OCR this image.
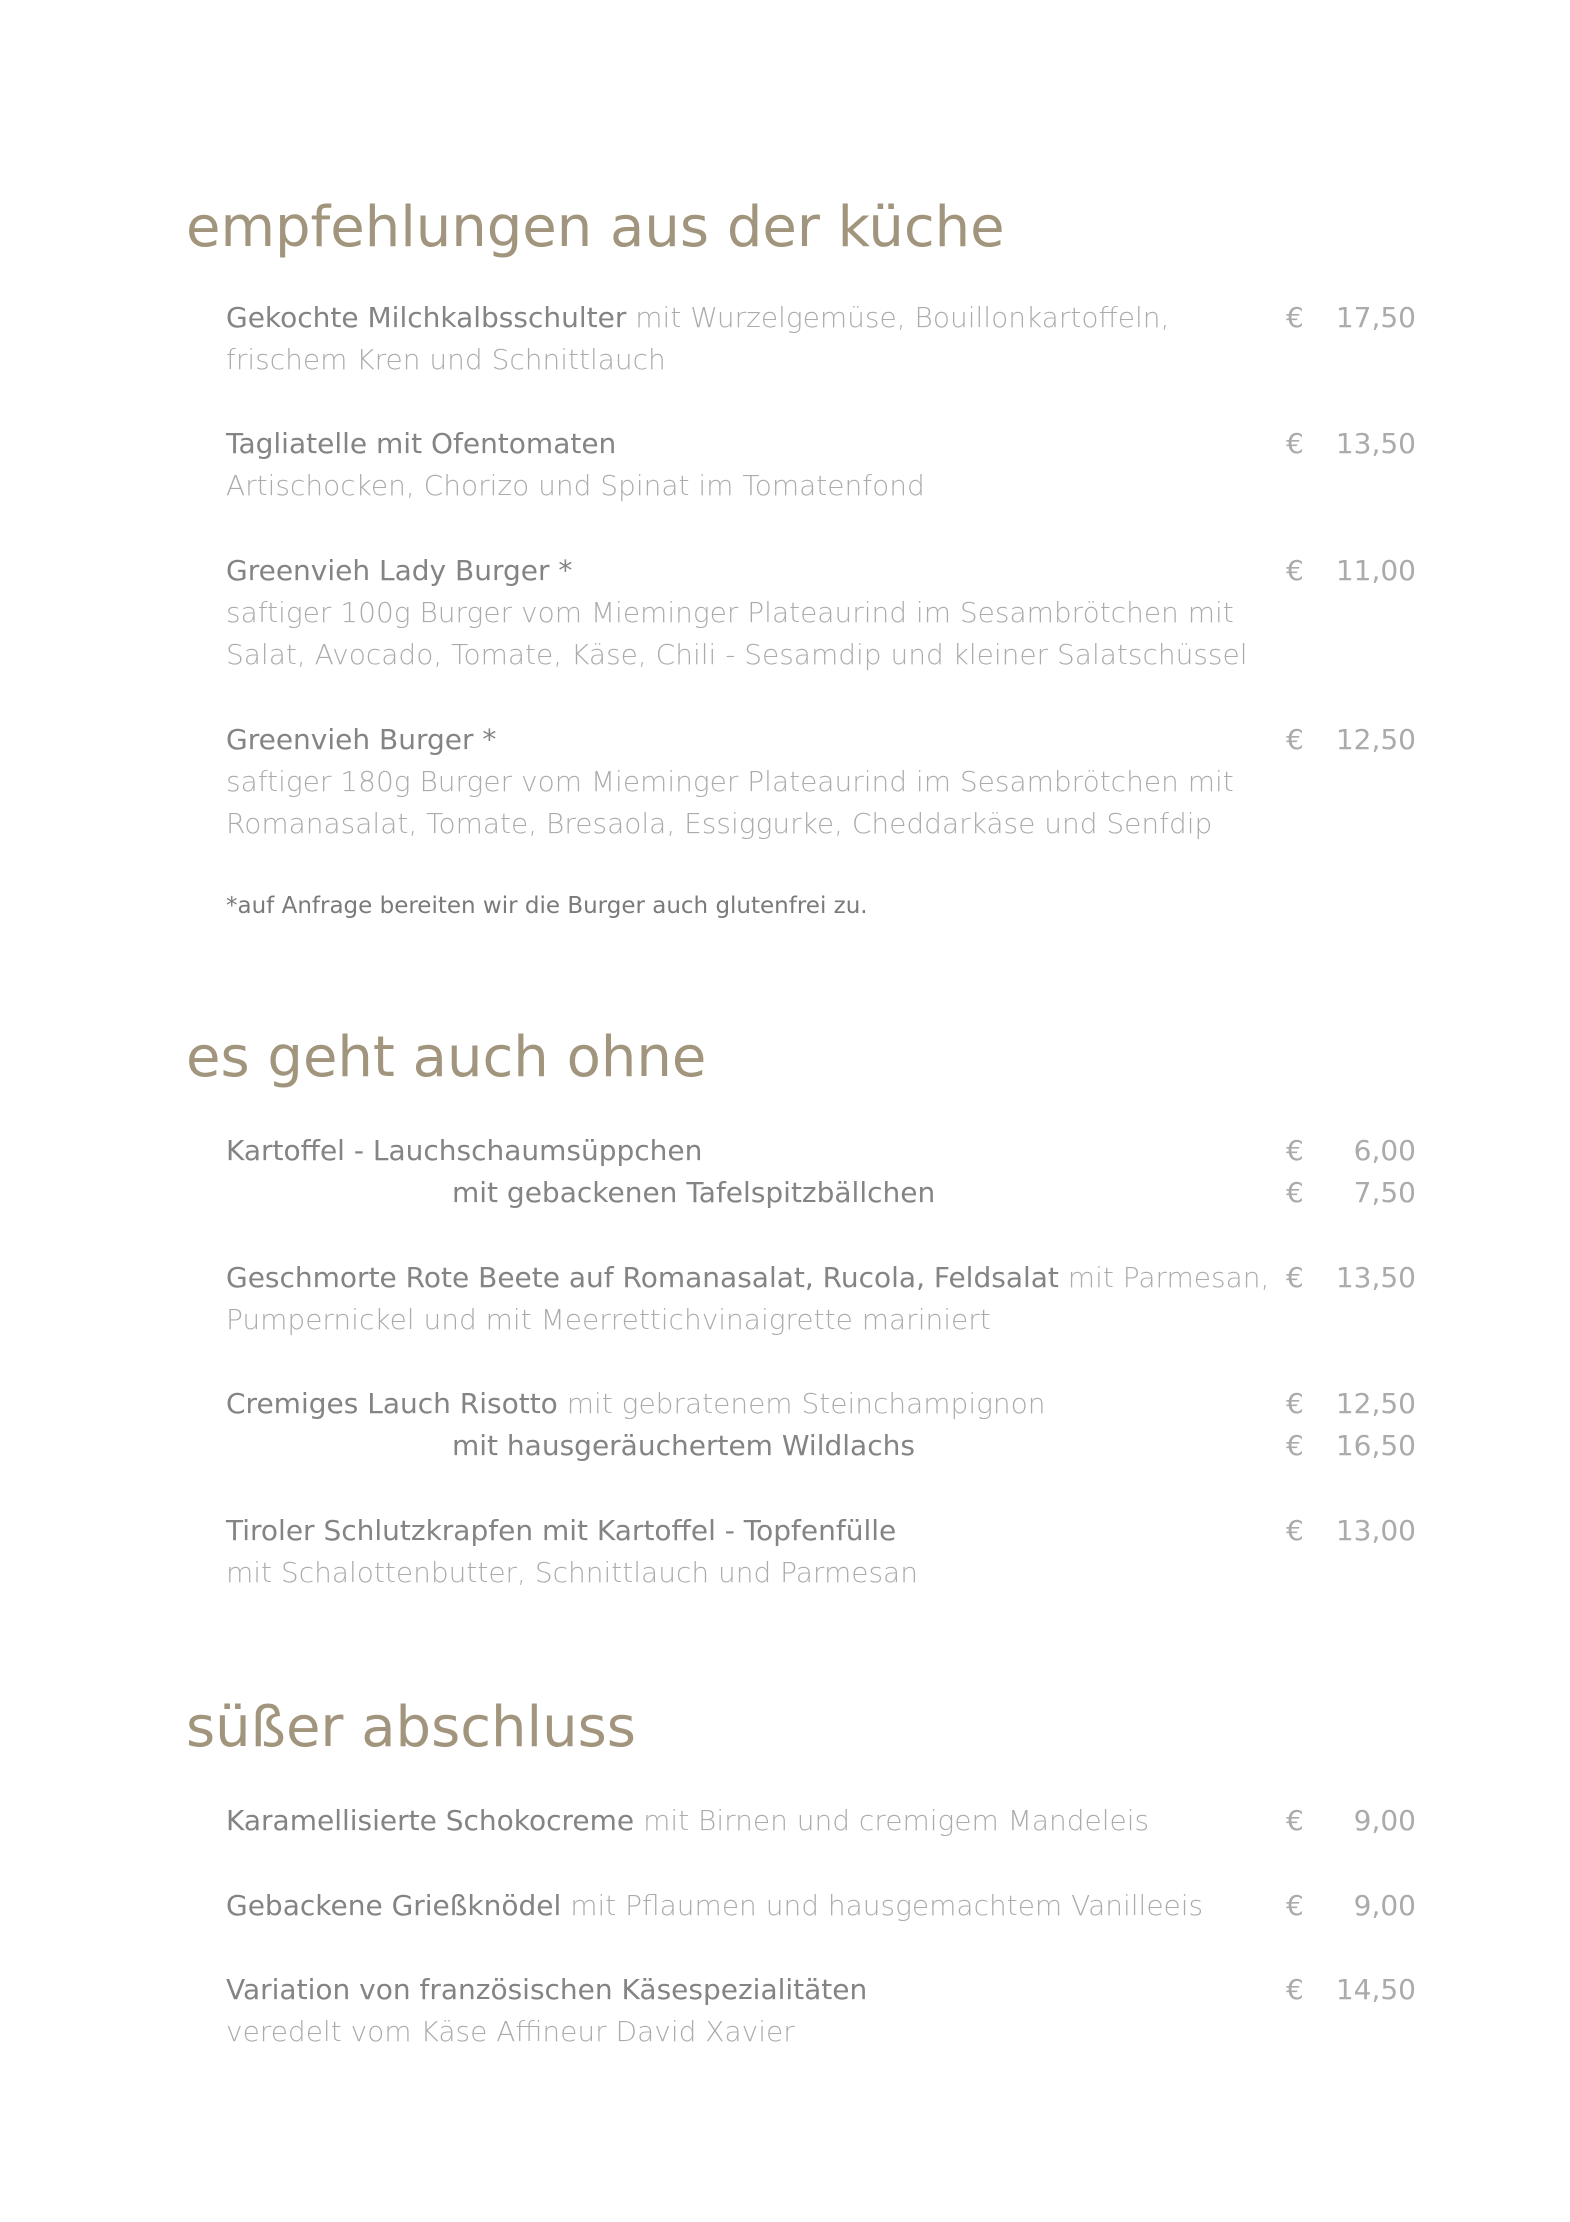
empfehlungen aus der küche
Gekochte Milchkalbsschulter mit Wurzelgemüse, Bouillonkartoffeln,
frischem Kren und Schnittlauch
€ 17,50
Tagliatelle mit Ofentomaten
Artischocken, Chorizo und Spinat im Tomatenfond
€ 13,50
Greenvieh Lady Burger *
saftiger 100g Burger vom Mieminger Plateaurind im Sesambrötchen mit
Salat, Avocado, Tomate, Käse, Chili - Sesamdip und kleiner Salatschüssel
€ 11,00
Greenvieh Burger *
saftiger 180g Burger vom Mieminger Plateaurind im Sesambrötchen mit
Romanasalat, Tomate, Bresaola, Essiggurke, Cheddarkäse und Senfdip
€ 12,50
*auf Anfrage bereiten wir die Burger auch glutenfrei zu.
es geht auch ohne
Kartoffel - Lauchschaumsüppchen	€ 6,00
mit gebackenen Tafelspitzbällchen	€ 7,50
Geschmorte Rote Beete auf Romanasalat, Rucola, Feldsalat mit Parmesan,
Pumpernickel und mit Meerrettichvinaigrette mariniert
€ 13,50
Cremiges Lauch Risotto mit gebratenem Steinchampignon	€ 12,50
mit hausgeräuchertem Wildlachs	€ 16,50
Tiroler Schlutzkrapfen mit Kartoffel - Topfenfülle
mit Schalottenbutter, Schnittlauch und Parmesan
€ 13,00
süßer abschluss
Karamellisierte Schokocreme mit Birnen und cremigem Mandeleis	€ 9,00
Gebackene Grießknödel mit Pflaumen und hausgemachtem Vanilleeis	€ 9,00
Variation von französischen Käsespezialitäten
veredelt vom Käse Affineur David Xavier
€ 14,50
